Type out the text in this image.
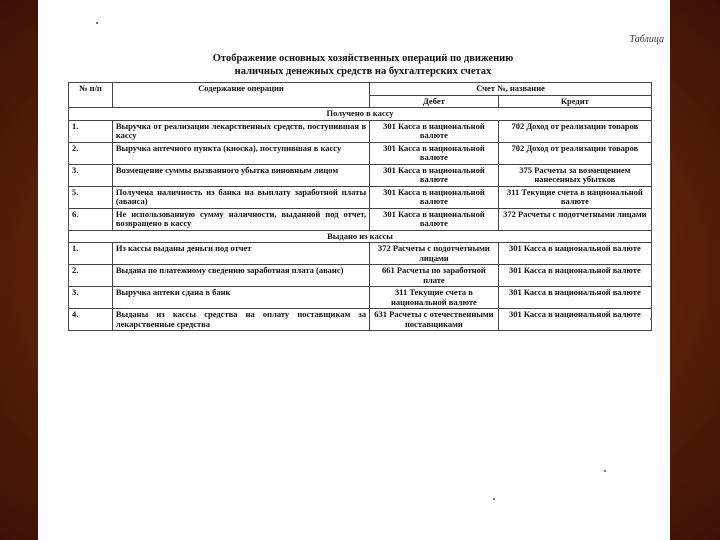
Таблица
Отображение основных хозяйственных операций по движению
наличных денежных средств на бухгалтерских счетах
№ п/п	Содержание операции	Счет №, название	
		Дебет	Кредит
Получено в кассу			
1.	Выручка от реализации лекарственных средств, поступившая в кассу	301 Касса в национальной валюте	702 Доход от реализации товаров
2.	Выручка аптечного пункта (киоска), поступившая в кассу	301 Касса в национальной валюте	702 Доход от реализации товаров
3.	Возмещение суммы вызванного убытка виновным лицом	301 Касса в национальной валюте	375 Расчеты за возмещением нанесенных убытков
5.	Получена наличность из банка на выплату заработной платы (аванса)	301 Касса в национальной валюте	311 Текущие счета в национальной валюте
6.	Не использованную сумму наличности, выданной под отчет, возвращено в кассу	301 Касса в национальной валюте	372 Расчеты с подотчетными лицами
Выдано из кассы			
1.	Из кассы выданы деньги под отчет	372 Расчеты с подотчетными лицами	301 Касса в национальной валюте
2.	Выдана по платежному сведению заработная плата (аванс)	661 Расчеты по заработной плате	301 Касса в национальной валюте
3.	Выручка аптеки сдана в банк	311 Текущие счета в национальной валюте	301 Касса в национальной валюте
4.	Выданы из кассы средства на оплату поставщикам за лекарственные средства	631 Расчеты с отечественными поставщиками	301 Касса в национальной валюте
